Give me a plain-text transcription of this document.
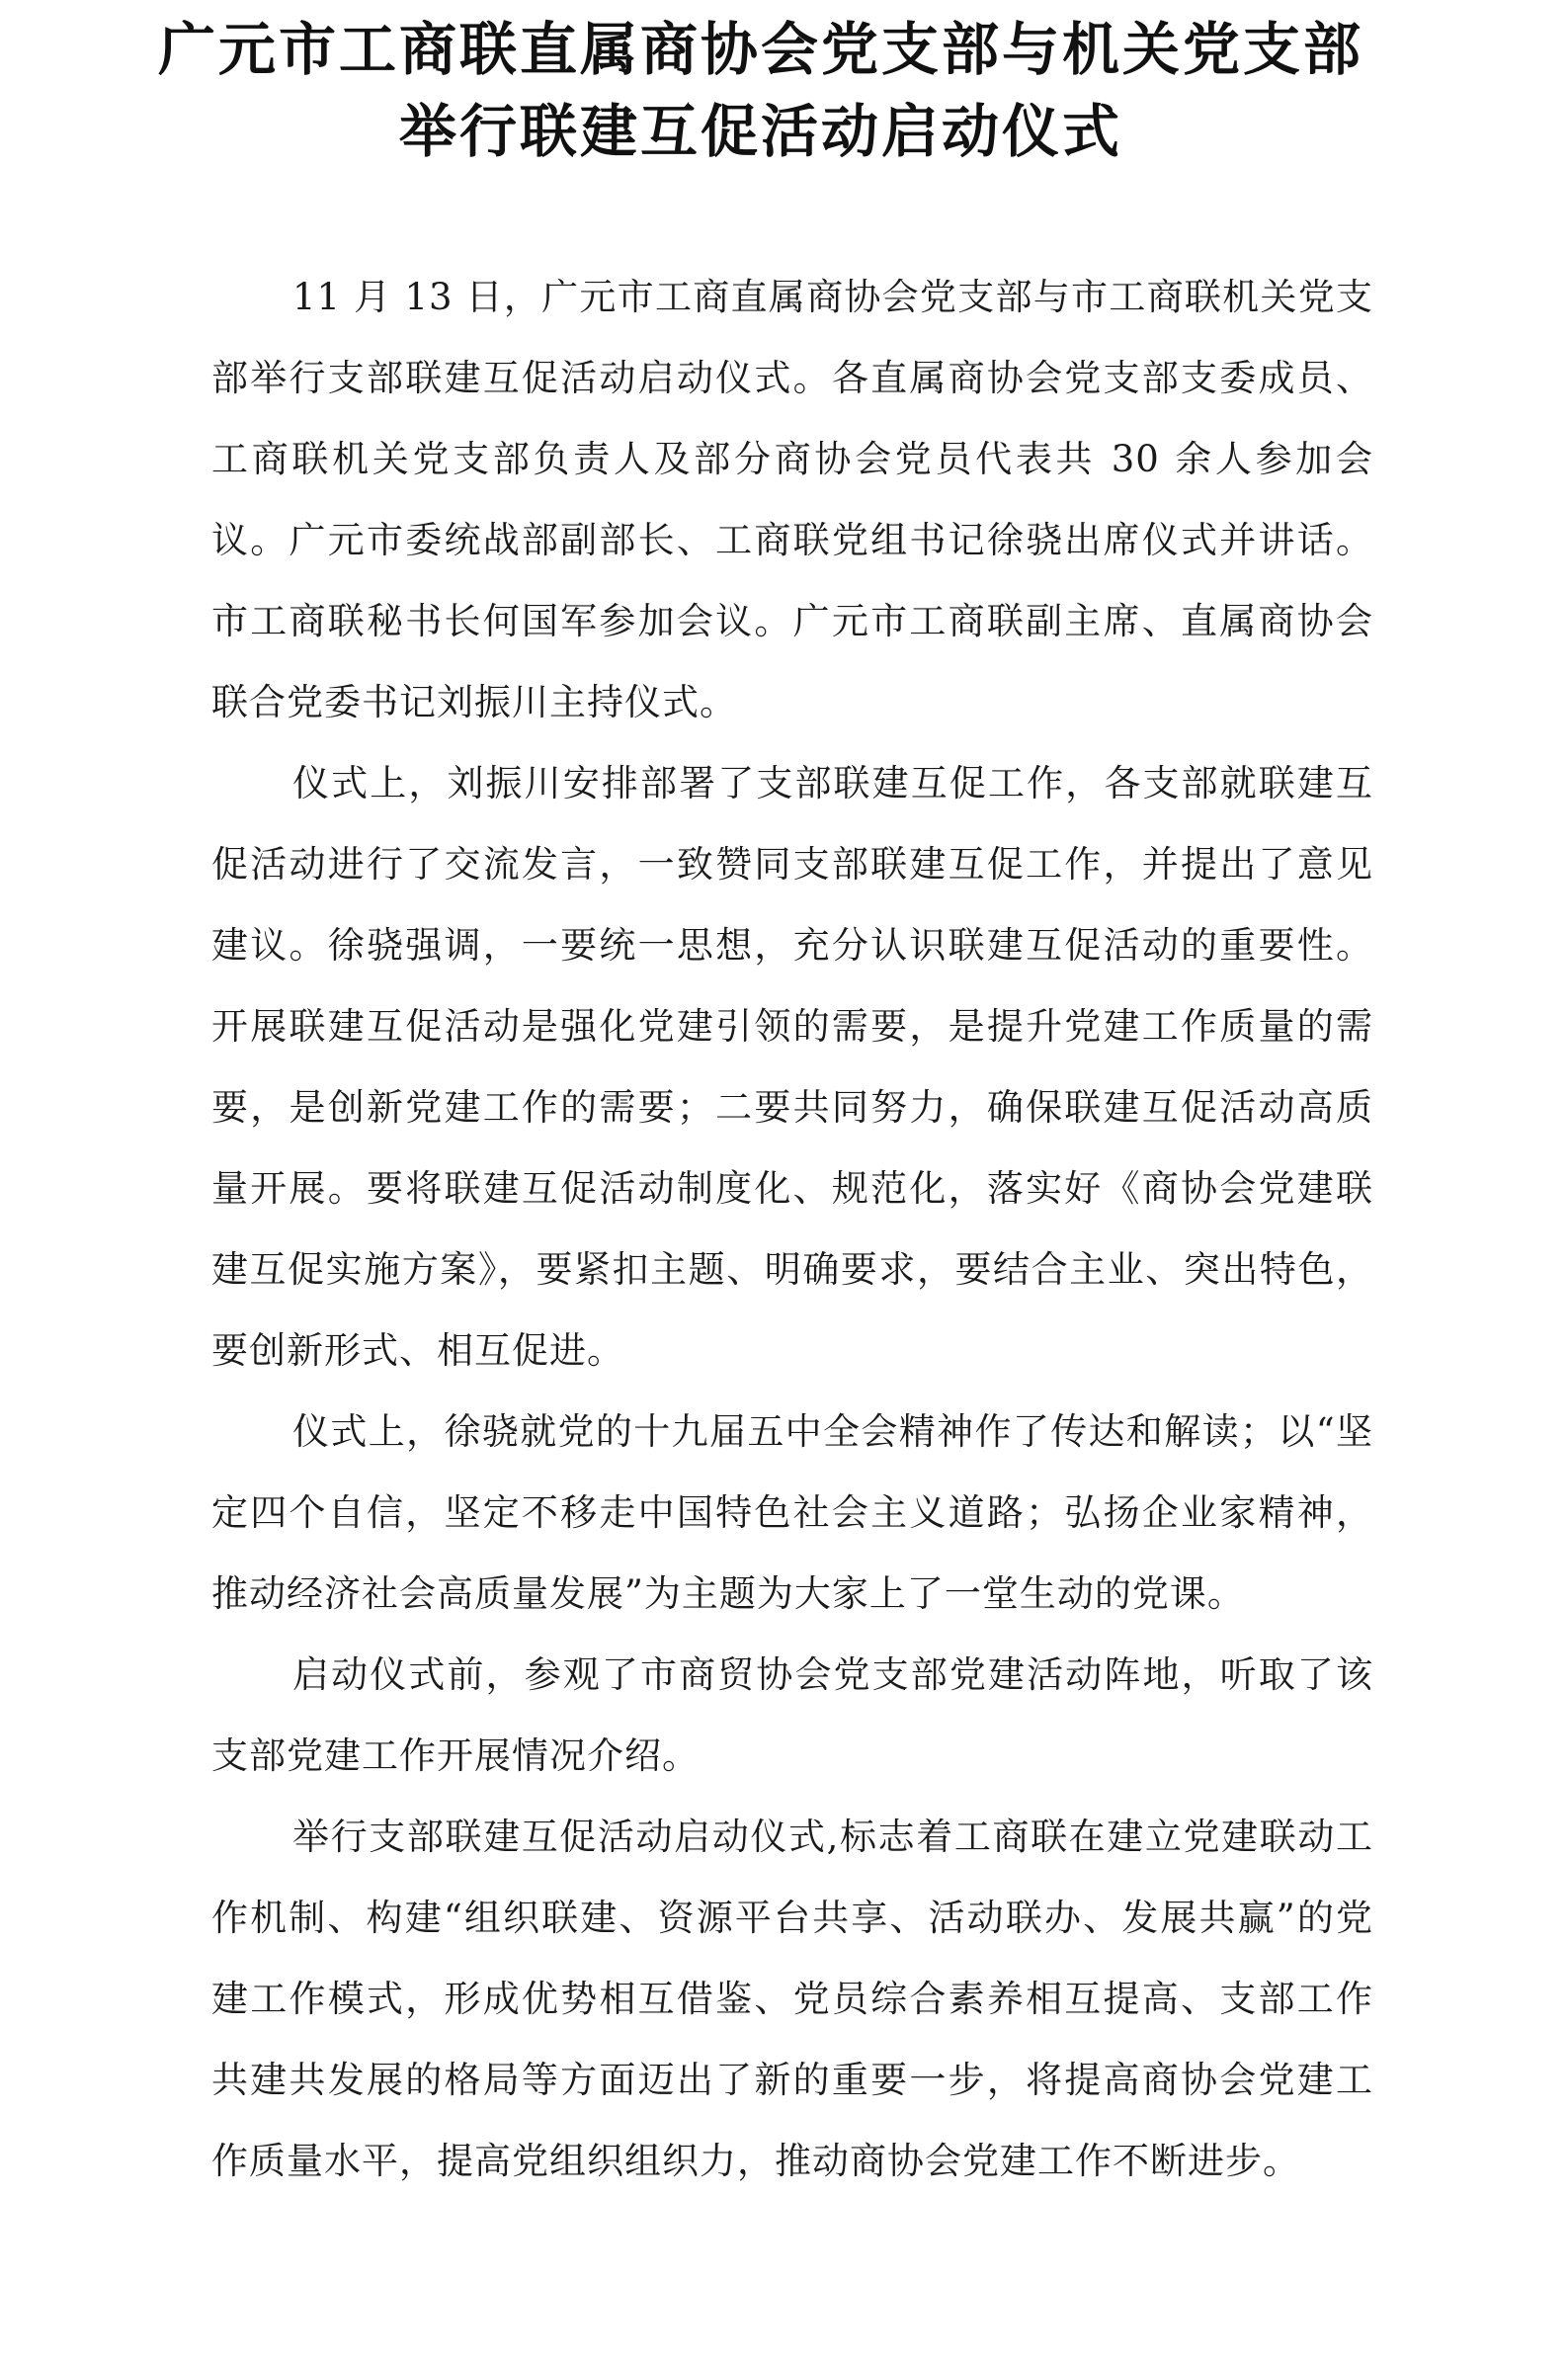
广元市工商联直属商协会党支部与机关党支部
举行联建互促活动启动仪式

11 月 13 日，广元市工商直属商协会党支部与市工商联机关党支部举行支部联建互促活动启动仪式。各直属商协会党支部支委成员、工商联机关党支部负责人及部分商协会党员代表共 30 余人参加会议。广元市委统战部副部长、工商联党组书记徐骁出席仪式并讲话。市工商联秘书长何国军参加会议。广元市工商联副主席、直属商协会联合党委书记刘振川主持仪式。

仪式上，刘振川安排部署了支部联建互促工作，各支部就联建互促活动进行了交流发言，一致赞同支部联建互促工作，并提出了意见建议。徐骁强调，一要统一思想，充分认识联建互促活动的重要性。开展联建互促活动是强化党建引领的需要，是提升党建工作质量的需要，是创新党建工作的需要；二要共同努力，确保联建互促活动高质量开展。要将联建互促活动制度化、规范化，落实好《商协会党建联建互促实施方案》，要紧扣主题、明确要求，要结合主业、突出特色，要创新形式、相互促进。

仪式上，徐骁就党的十九届五中全会精神作了传达和解读；以“坚定四个自信，坚定不移走中国特色社会主义道路；弘扬企业家精神，推动经济社会高质量发展”为主题为大家上了一堂生动的党课。

启动仪式前，参观了市商贸协会党支部党建活动阵地，听取了该支部党建工作开展情况介绍。

举行支部联建互促活动启动仪式,标志着工商联在建立党建联动工作机制、构建“组织联建、资源平台共享、活动联办、发展共赢”的党建工作模式，形成优势相互借鉴、党员综合素养相互提高、支部工作共建共发展的格局等方面迈出了新的重要一步，将提高商协会党建工作质量水平，提高党组织组织力，推动商协会党建工作不断进步。
